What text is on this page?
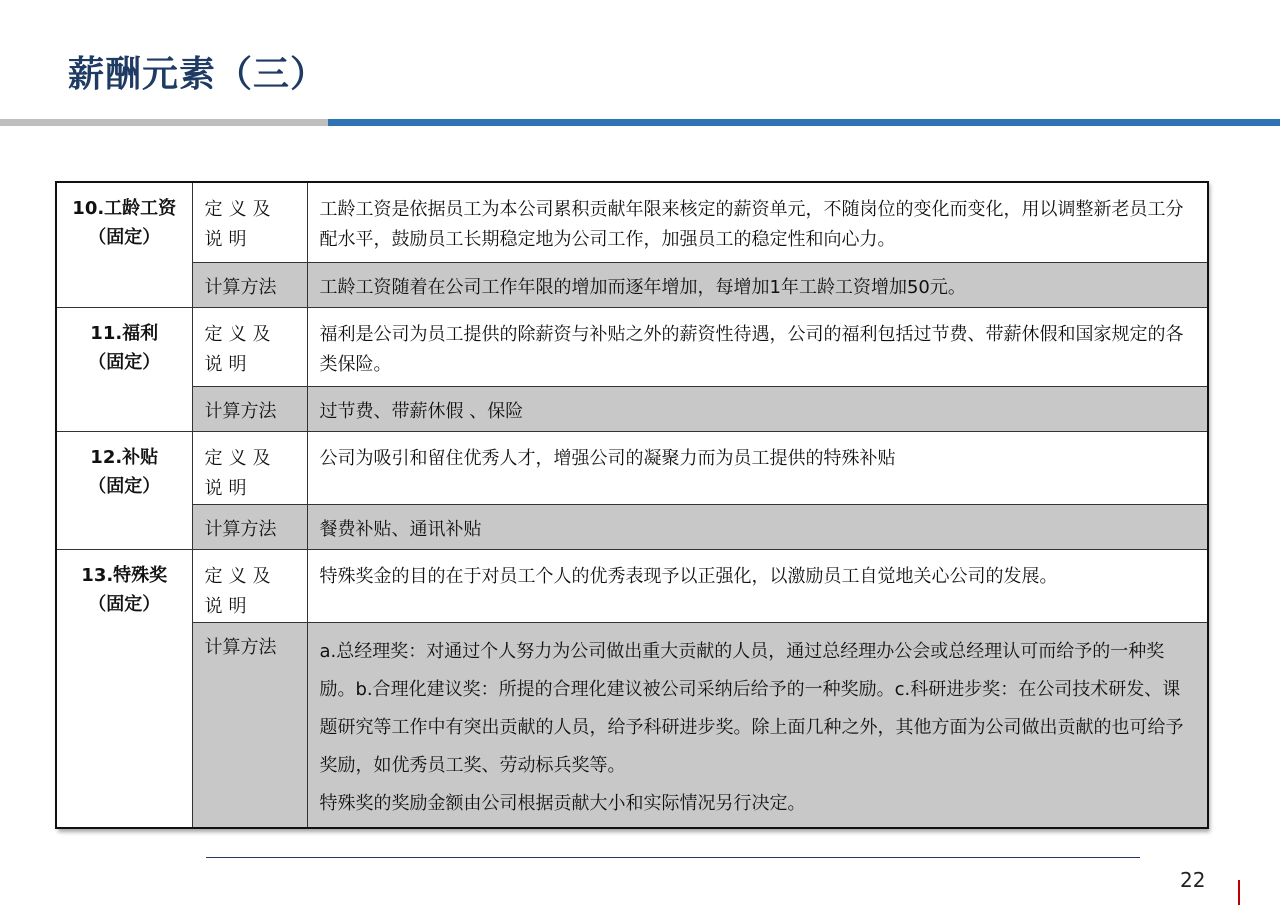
薪酬元素（三）
10.工龄工资
（固定）	定义及说明	工龄工资是依据员工为本公司累积贡献年限来核定的薪资单元，不随岗位的变化而变化，用以调整新老员工分配水平，鼓励员工长期稳定地为公司工作，加强员工的稳定性和向心力。
	计算方法	工龄工资随着在公司工作年限的增加而逐年增加，每增加1年工龄工资增加50元。

11.福利
（固定）	定义及说明	福利是公司为员工提供的除薪资与补贴之外的薪资性待遇，公司的福利包括过节费、带薪休假和国家规定的各类保险。
	计算方法	过节费、带薪休假 、保险

12.补贴
（固定）	定义及说明	公司为吸引和留住优秀人才，增强公司的凝聚力而为员工提供的特殊补贴
	计算方法	餐费补贴、通讯补贴

13.特殊奖
（固定）	定义及说明	特殊奖金的目的在于对员工个人的优秀表现予以正强化，以激励员工自觉地关心公司的发展。
	计算方法	a.总经理奖：对通过个人努力为公司做出重大贡献的人员，通过总经理办公会或总经理认可而给予的一种奖励。b.合理化建议奖：所提的合理化建议被公司采纳后给予的一种奖励。c.科研进步奖：在公司技术研发、课题研究等工作中有突出贡献的人员，给予科研进步奖。除上面几种之外，其他方面为公司做出贡献的也可给予奖励，如优秀员工奖、劳动标兵奖等。
特殊奖的奖励金额由公司根据贡献大小和实际情况另行决定。
22
